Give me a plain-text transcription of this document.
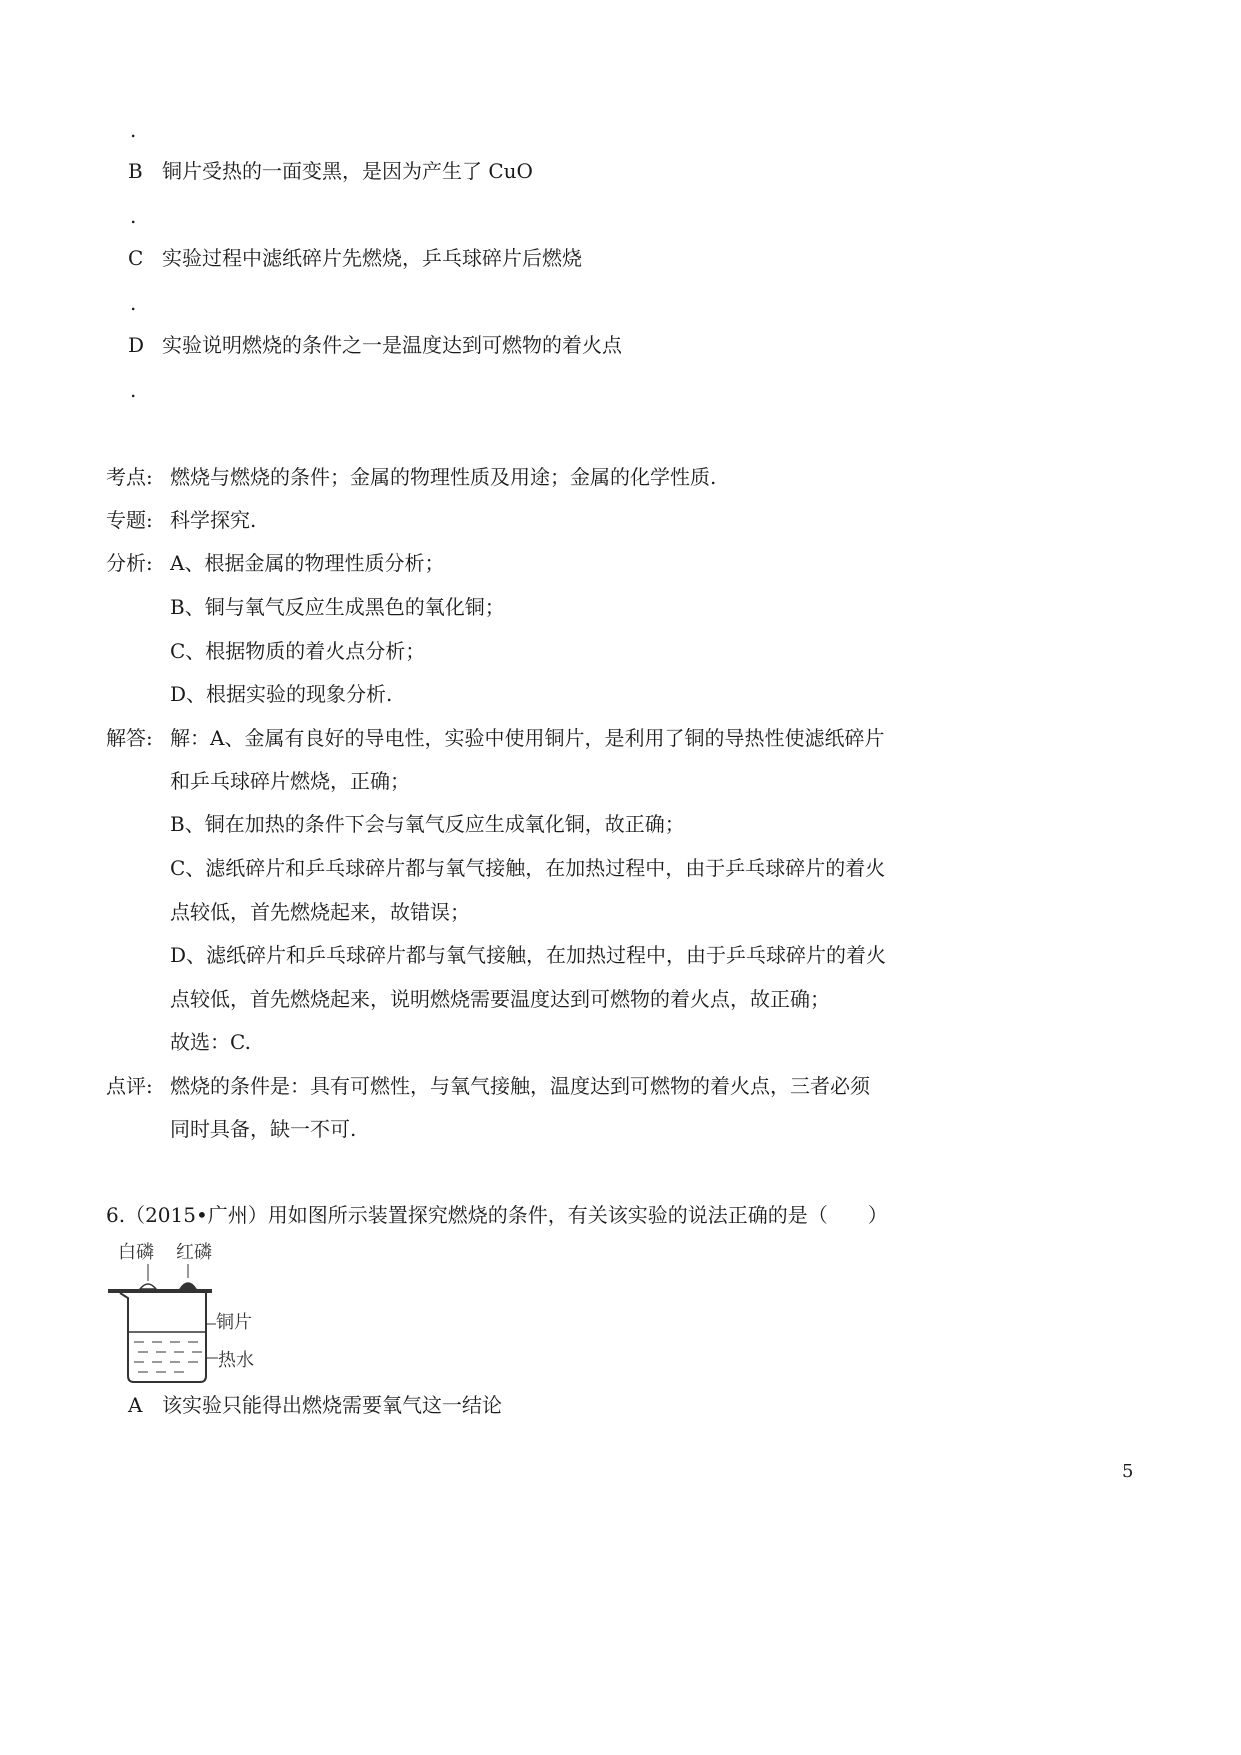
.
B 铜片受热的一面变黑，是因为产生了 CuO
.
C 实验过程中滤纸碎片先燃烧，乒乓球碎片后燃烧
.
D 实验说明燃烧的条件之一是温度达到可燃物的着火点
.
考点: 燃烧与燃烧的条件；金属的物理性质及用途；金属的化学性质.
专题: 科学探究.
分析: A、根据金属的物理性质分析；
B、铜与氧气反应生成黑色的氧化铜；
C、根据物质的着火点分析；
D、根据实验的现象分析.
解答: 解：A、金属有良好的导电性，实验中使用铜片，是利用了铜的导热性使滤纸碎片
和乒乓球碎片燃烧，正确；
B、铜在加热的条件下会与氧气反应生成氧化铜，故正确；
C、滤纸碎片和乒乓球碎片都与氧气接触，在加热过程中，由于乒乓球碎片的着火
点较低，首先燃烧起来，故错误；
D、滤纸碎片和乒乓球碎片都与氧气接触，在加热过程中，由于乒乓球碎片的着火
点较低，首先燃烧起来，说明燃烧需要温度达到可燃物的着火点，故正确；
故选：C.
点评: 燃烧的条件是：具有可燃性，与氧气接触，温度达到可燃物的着火点，三者必须
同时具备，缺一不可.
6.（2015•广州）用如图所示装置探究燃烧的条件，有关该实验的说法正确的是（　　）
白磷 红磷
铜片
热水
A 该实验只能得出燃烧需要氧气这一结论
5
